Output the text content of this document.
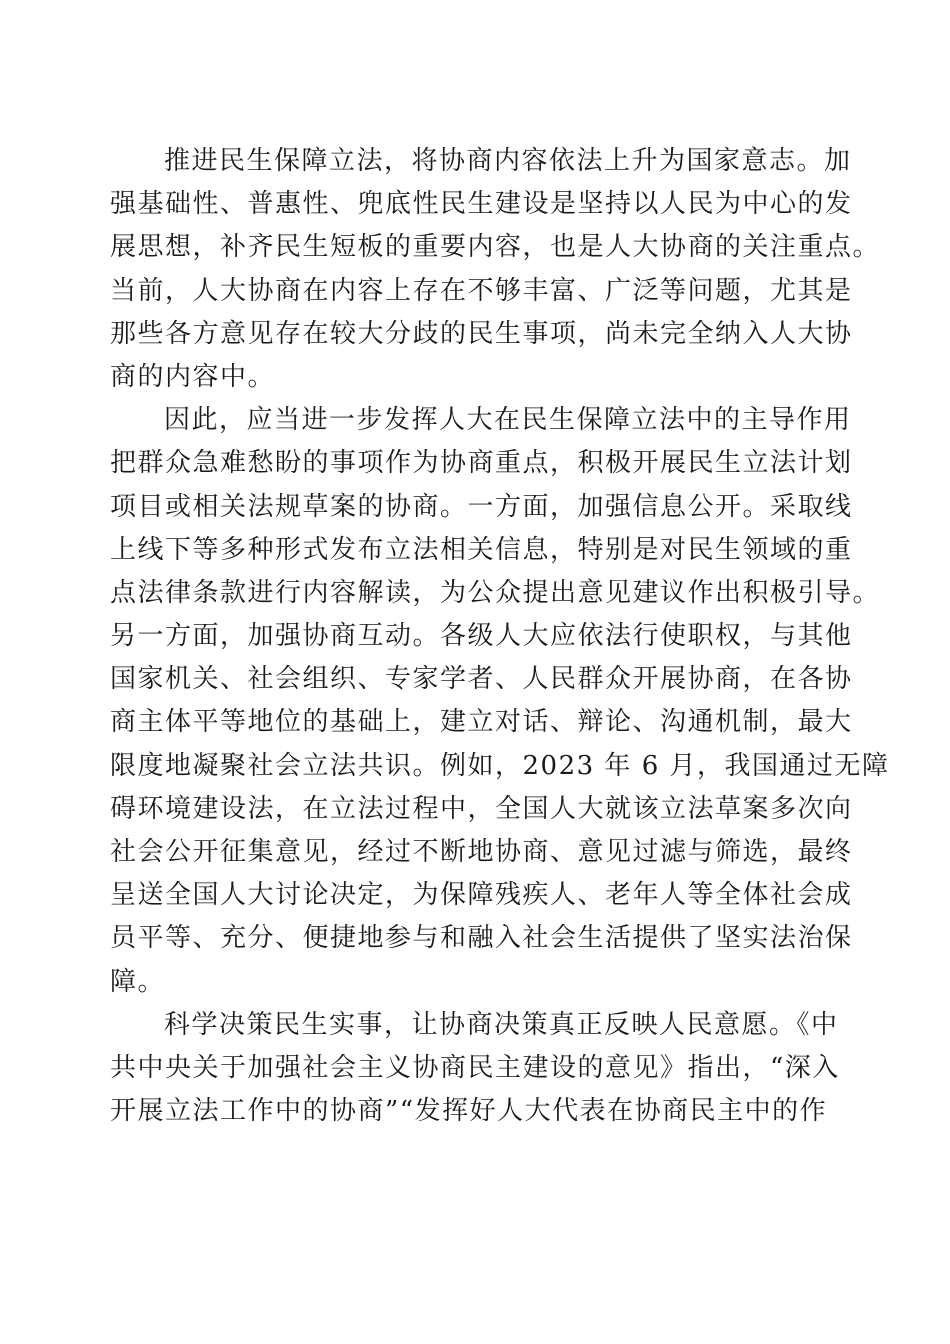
推进民生保障立法，将协商内容依法上升为国家意志。加
强基础性、普惠性、兜底性民生建设是坚持以人民为中心的发
展思想，补齐民生短板的重要内容，也是人大协商的关注重点。
当前，人大协商在内容上存在不够丰富、广泛等问题，尤其是
那些各方意见存在较大分歧的民生事项，尚未完全纳入人大协
商的内容中。
因此，应当进一步发挥人大在民生保障立法中的主导作用
把群众急难愁盼的事项作为协商重点，积极开展民生立法计划
项目或相关法规草案的协商。一方面，加强信息公开。采取线
上线下等多种形式发布立法相关信息，特别是对民生领域的重
点法律条款进行内容解读，为公众提出意见建议作出积极引导。
另一方面，加强协商互动。各级人大应依法行使职权，与其他
国家机关、社会组织、专家学者、人民群众开展协商，在各协
商主体平等地位的基础上，建立对话、辩论、沟通机制，最大
限度地凝聚社会立法共识。例如，2023 年 6 月，我国通过无障
碍环境建设法，在立法过程中，全国人大就该立法草案多次向
社会公开征集意见，经过不断地协商、意见过滤与筛选，最终
呈送全国人大讨论决定，为保障残疾人、老年人等全体社会成
员平等、充分、便捷地参与和融入社会生活提供了坚实法治保
障。
科学决策民生实事，让协商决策真正反映人民意愿。《中
共中央关于加强社会主义协商民主建设的意见》指出，“深入
开展立法工作中的协商”“发挥好人大代表在协商民主中的作
